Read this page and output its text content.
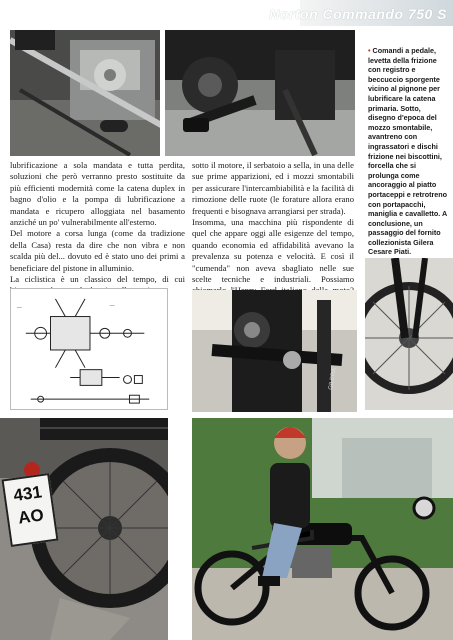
Norton Commando 750 S
• Comandi a pedale, levetta della frizione con registro e beccuccio sporgente vicino al pignone per lubrificare la catena primaria. Sotto, disegno d'epoca del mozzo smontabile, avantreno con ingrassatori e dischi frizione nei biscottini, forcella che si prolunga come ancoraggio al piatto portaceppi e retrotreno con portapacchi, maniglia e cavalletto. A conclusione, un passaggio del fornito collezionista Gilera Cesare Piati.

lubrificazione a sola mandata e tutta perdita, soluzioni che però verranno presto sostituite da più efficienti modernità come la catena duplex in bagno d'olio e la pompa di lubrificazione a mandata e ricupero alloggiata nel basamento anziché un po' vulnerabilmente all'esterno.

Del motore a corsa lunga (come da tradizione della Casa) resta da dire che non vibra e non scalda più del... dovuto ed è stato uno dei primi a beneficiare del pistone in alluminio.

La ciclistica è un classico del tempo, di cui

sotto il motore, il serbatoio a sella, in una delle sue prime apparizioni, ed i mozzi smontabili per assicurare l'intercambiabilità e la facilità di rimozione delle ruote (le forature allora erano frequenti e bisognava arrangiarsi per strada).

Insomma, una macchina più rispondente di quel che appare oggi alle esigenze del tempo, quando economia ed affidabilità avevano la prevalenza su potenza e velocità. E così il "cumenda" non aveva sbagliato nelle sue scelte tecniche e industriali. Possiamo

—	—
GILERA
431
AO
